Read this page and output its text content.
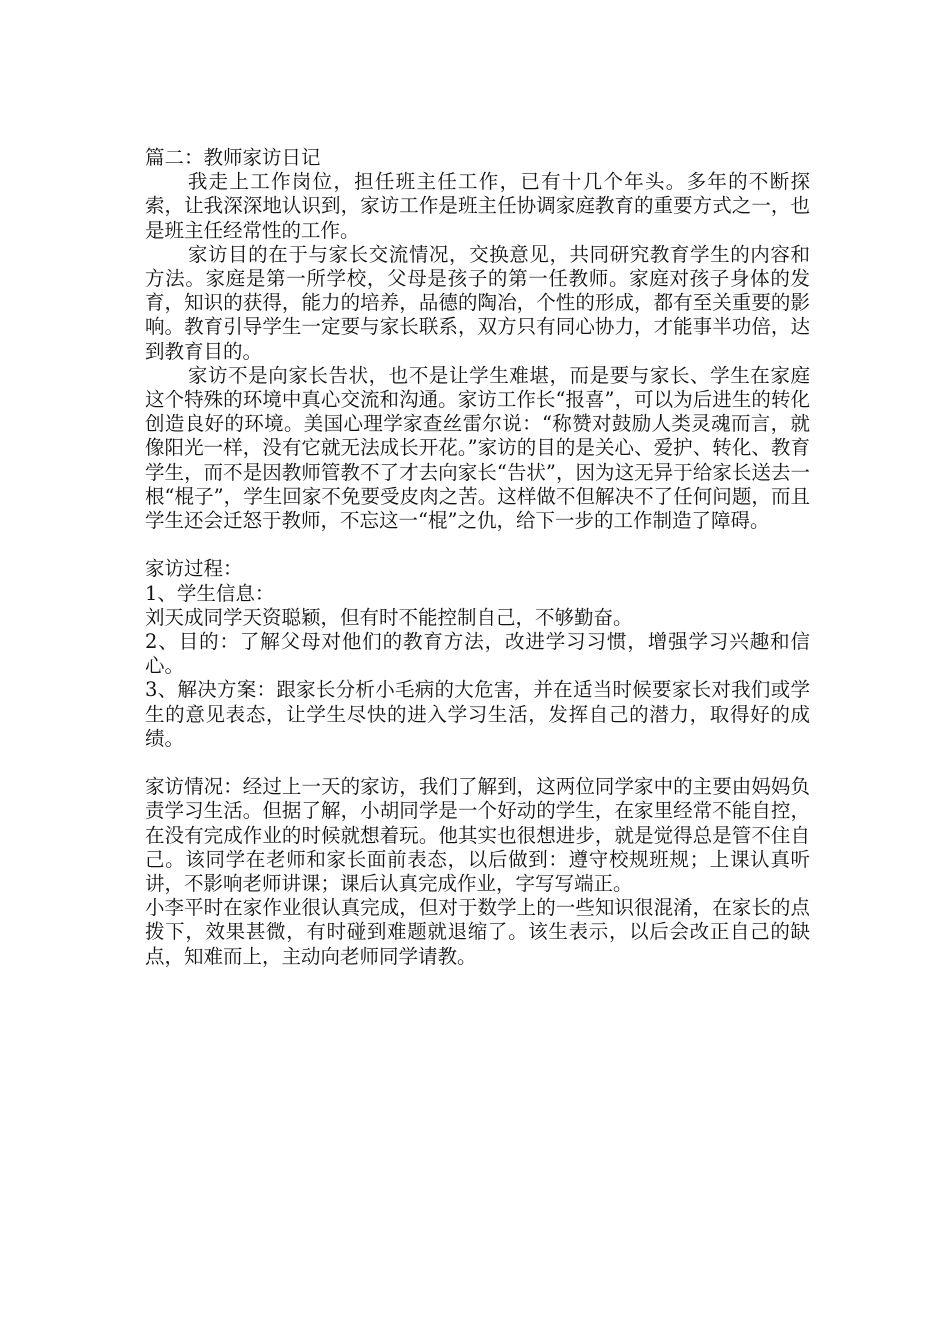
篇二：教师家访日记

我走上工作岗位，担任班主任工作，已有十几个年头。多年的不断探索，让我深深地认识到，家访工作是班主任协调家庭教育的重要方式之一，也是班主任经常性的工作。

家访目的在于与家长交流情况，交换意见，共同研究教育学生的内容和方法。家庭是第一所学校，父母是孩子的第一任教师。家庭对孩子身体的发育，知识的获得，能力的培养，品德的陶冶，个性的形成，都有至关重要的影响。教育引导学生一定要与家长联系，双方只有同心协力，才能事半功倍，达到教育目的。

家访不是向家长告状，也不是让学生难堪，而是要与家长、学生在家庭这个特殊的环境中真心交流和沟通。家访工作长“报喜”，可以为后进生的转化创造良好的环境。美国心理学家查丝雷尔说：“称赞对鼓励人类灵魂而言，就像阳光一样，没有它就无法成长开花。”家访的目的是关心、爱护、转化、教育学生，而不是因教师管教不了才去向家长“告状”，因为这无异于给家长送去一根“棍子”，学生回家不免要受皮肉之苦。这样做不但解决不了任何问题，而且学生还会迁怒于教师，不忘这一“棍”之仇，给下一步的工作制造了障碍。

家访过程：

1、学生信息：

刘天成同学天资聪颖，但有时不能控制自己，不够勤奋。

2、目的：了解父母对他们的教育方法，改进学习习惯，增强学习兴趣和信心。

3、解决方案：跟家长分析小毛病的大危害，并在适当时候要家长对我们或学生的意见表态，让学生尽快的进入学习生活，发挥自己的潜力，取得好的成绩。

家访情况：经过上一天的家访，我们了解到，这两位同学家中的主要由妈妈负责学习生活。但据了解，小胡同学是一个好动的学生，在家里经常不能自控，在没有完成作业的时候就想着玩。他其实也很想进步，就是觉得总是管不住自己。该同学在老师和家长面前表态，以后做到：遵守校规班规；上课认真听讲，不影响老师讲课；课后认真完成作业，字写写端正。

小李平时在家作业很认真完成，但对于数学上的一些知识很混淆，在家长的点拨下，效果甚微，有时碰到难题就退缩了。该生表示，以后会改正自己的缺点，知难而上，主动向老师同学请教。
